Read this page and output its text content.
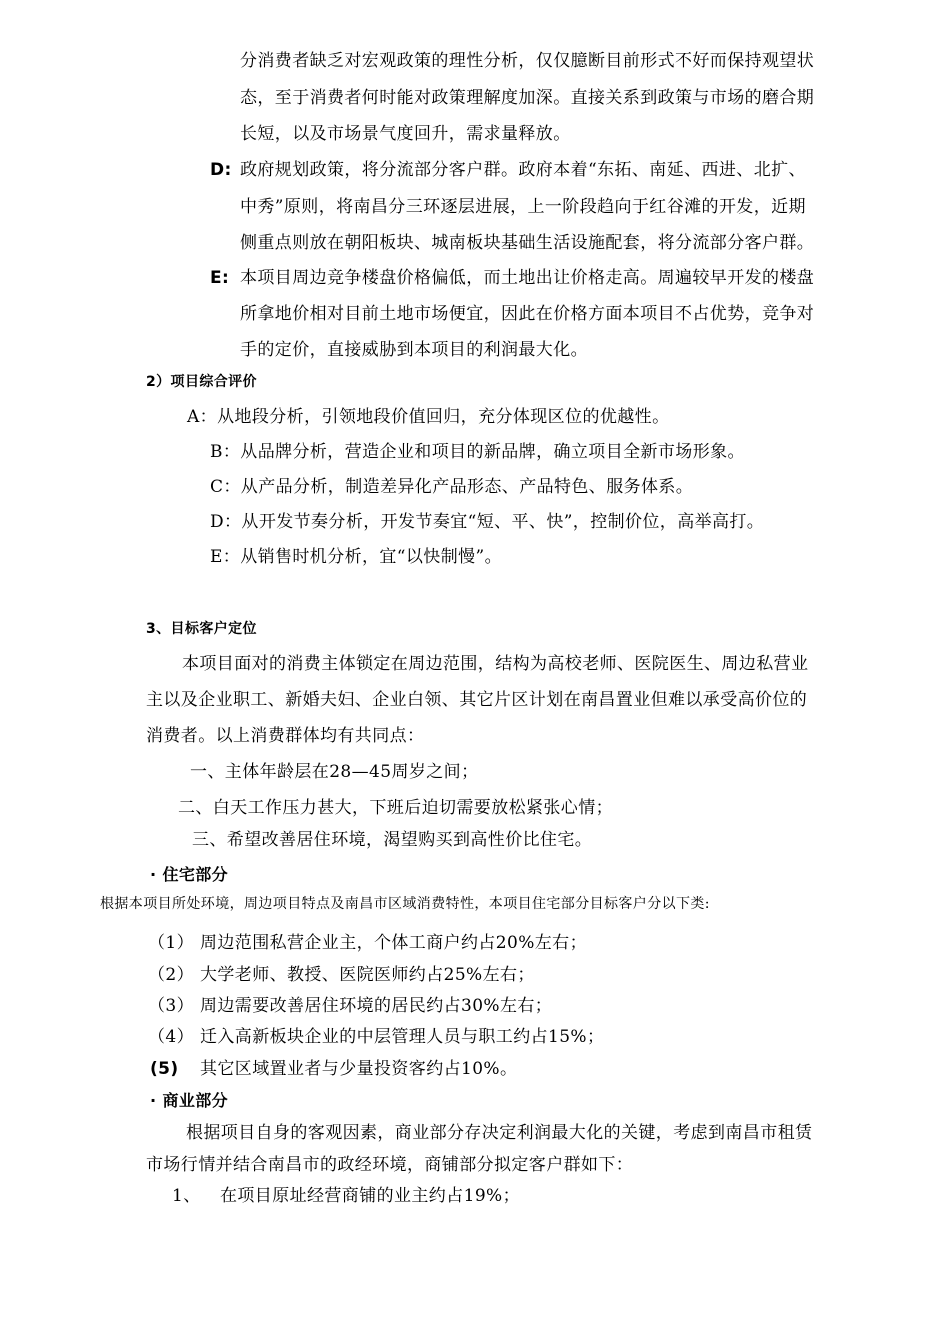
分消费者缺乏对宏观政策的理性分析，仅仅臆断目前形式不好而保持观望状
态，至于消费者何时能对政策理解度加深。直接关系到政策与市场的磨合期
长短，以及市场景气度回升，需求量释放。
D: 政府规划政策，将分流部分客户群。政府本着“东拓、南延、西进、北扩、
中秀”原则，将南昌分三环逐层进展，上一阶段趋向于红谷滩的开发，近期
侧重点则放在朝阳板块、城南板块基础生活设施配套，将分流部分客户群。
E: 本项目周边竞争楼盘价格偏低，而土地出让价格走高。周遍较早开发的楼盘
所拿地价相对目前土地市场便宜，因此在价格方面本项目不占优势，竞争对
手的定价，直接威胁到本项目的利润最大化。
2）项目综合评价
A：从地段分析，引领地段价值回归，充分体现区位的优越性。
B：从品牌分析，营造企业和项目的新品牌，确立项目全新市场形象。
C：从产品分析，制造差异化产品形态、产品特色、服务体系。
D：从开发节奏分析，开发节奏宜“短、平、快”，控制价位，高举高打。
E：从销售时机分析，宜“以快制慢”。
3、目标客户定位
本项目面对的消费主体锁定在周边范围，结构为高校老师、医院医生、周边私营业
主以及企业职工、新婚夫妇、企业白领、其它片区计划在南昌置业但难以承受高价位的
消费者。以上消费群体均有共同点：
一、主体年龄层在28—45周岁之间；
二、白天工作压力甚大，下班后迫切需要放松紧张心情；
三、希望改善居住环境，渴望购买到高性价比住宅。
· 住宅部分
根据本项目所处环境，周边项目特点及南昌市区域消费特性，本项目住宅部分目标客户分以下类:
（1） 周边范围私营企业主，个体工商户约占20%左右；
（2） 大学老师、教授、医院医师约占25%左右；
（3） 周边需要改善居住环境的居民约占30%左右；
（4） 迁入高新板块企业的中层管理人员与职工约占15%；
(5) 其它区域置业者与少量投资客约占10%。
· 商业部分
根据项目自身的客观因素，商业部分存决定利润最大化的关键，考虑到南昌市租赁
市场行情并结合南昌市的政经环境，商铺部分拟定客户群如下：
1、 在项目原址经营商铺的业主约占19%；
